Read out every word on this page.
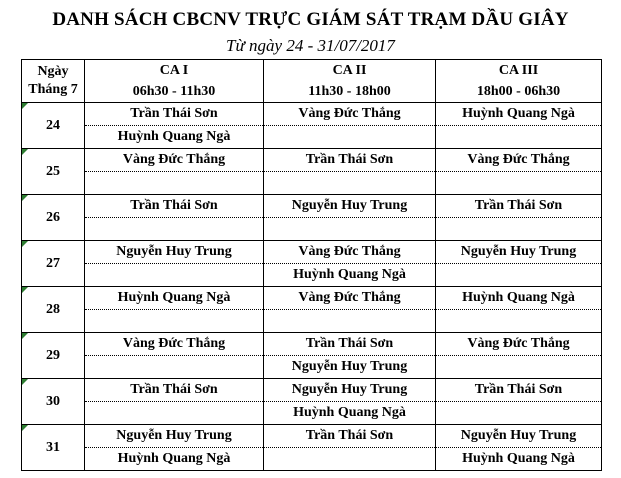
DANH SÁCH CBCNV TRỰC GIÁM SÁT TRẠM DẦU GIÂY
Từ ngày 24 - 31/07/2017
Ngày
Tháng 7	CA I	CA II	CA III
	06h30 - 11h30	11h30 - 18h00	18h00 - 06h30
24	Trần Thái Sơn	Vàng Đức Thắng	Huỳnh Quang Ngà
	Huỳnh Quang Ngà		
25	Vàng Đức Thắng	Trần Thái Sơn	Vàng Đức Thắng

26	Trần Thái Sơn	Nguyễn Huy Trung	Trần Thái Sơn

27	Nguyễn Huy Trung	Vàng Đức Thắng	Nguyễn Huy Trung
		Huỳnh Quang Ngà	
28	Huỳnh Quang Ngà	Vàng Đức Thắng	Huỳnh Quang Ngà

29	Vàng Đức Thắng	Trần Thái Sơn	Vàng Đức Thắng
		Nguyễn Huy Trung	
30	Trần Thái Sơn	Nguyễn Huy Trung	Trần Thái Sơn
		Huỳnh Quang Ngà	
31	Nguyễn Huy Trung	Trần Thái Sơn	Nguyễn Huy Trung
	Huỳnh Quang Ngà		Huỳnh Quang Ngà
